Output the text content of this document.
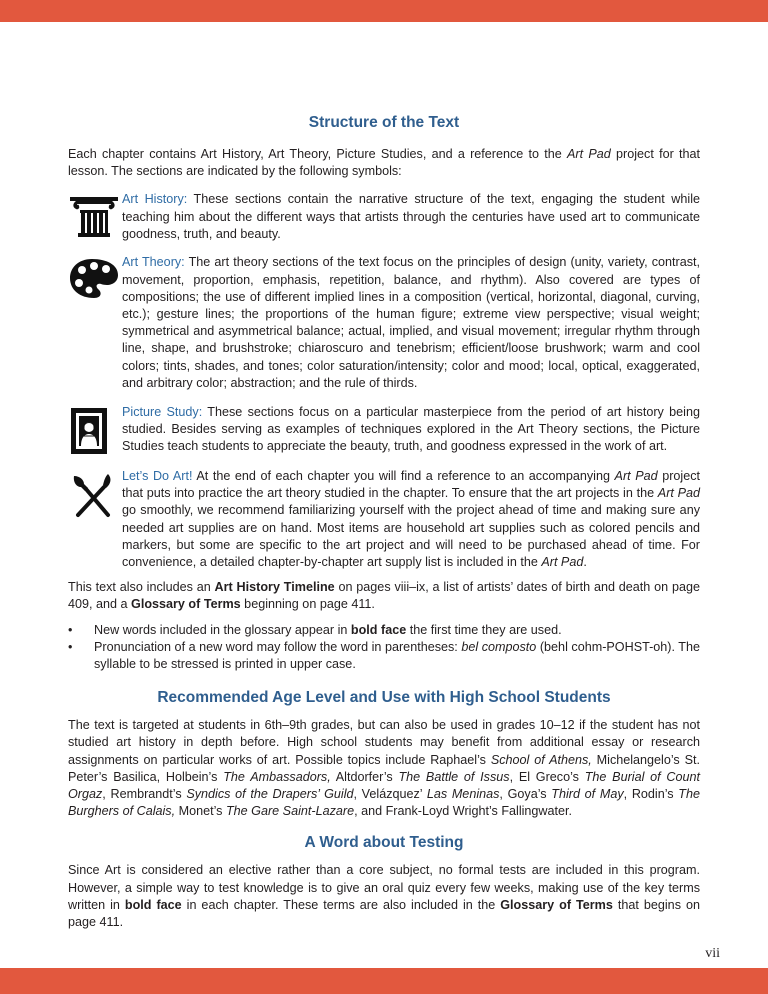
Structure of the Text

Each chapter contains Art History, Art Theory, Picture Studies, and a reference to the Art Pad project for that lesson. The sections are indicated by the following symbols:

Art History: These sections contain the narrative structure of the text, engaging the student while teaching him about the different ways that artists through the centuries have used art to communicate goodness, truth, and beauty.

Art Theory: The art theory sections of the text focus on the principles of design (unity, variety, contrast, movement, proportion, emphasis, repetition, balance, and rhythm). Also covered are types of compositions; the use of different implied lines in a composition (vertical, horizontal, diagonal, curving, etc.); gesture lines; the proportions of the human figure; extreme view perspective; visual weight; symmetrical and asymmetrical balance; actual, implied, and visual movement; irregular rhythm through line, shape, and brushstroke; chiaroscuro and tenebrism; efficient/loose brushwork; warm and cool colors; tints, shades, and tones; color saturation/intensity; color and mood; local, optical, exaggerated, and arbitrary color; abstraction; and the rule of thirds.

Picture Study: These sections focus on a particular masterpiece from the period of art history being studied. Besides serving as examples of techniques explored in the Art Theory sections, the Picture Studies teach students to appreciate the beauty, truth, and goodness expressed in the work of art.

Let’s Do Art! At the end of each chapter you will find a reference to an accompanying Art Pad project that puts into practice the art theory studied in the chapter. To ensure that the art projects in the Art Pad go smoothly, we recommend familiarizing yourself with the project ahead of time and making sure any needed art supplies are on hand. Most items are household art supplies such as colored pencils and markers, but some are specific to the art project and will need to be purchased ahead of time. For convenience, a detailed chapter-by-chapter art supply list is included in the Art Pad.

This text also includes an Art History Timeline on pages viii–ix, a list of artists’ dates of birth and death on page 409, and a Glossary of Terms beginning on page 411.

• New words included in the glossary appear in bold face the first time they are used.
• Pronunciation of a new word may follow the word in parentheses: bel composto (behl cohm-POHST-oh). The syllable to be stressed is printed in upper case.
Recommended Age Level and Use with High School Students

The text is targeted at students in 6th–9th grades, but can also be used in grades 10–12 if the student has not studied art history in depth before. High school students may benefit from additional essay or research assignments on particular works of art. Possible topics include Raphael’s School of Athens, Michelangelo’s St. Peter’s Basilica, Holbein’s The Ambassadors, Altdorfer’s The Battle of Issus, El Greco’s The Burial of Count Orgaz, Rembrandt’s Syndics of the Drapers’ Guild, Velázquez’ Las Meninas, Goya’s Third of May, Rodin’s The Burghers of Calais, Monet’s The Gare Saint-Lazare, and Frank-Loyd Wright’s Fallingwater.

A Word about Testing

Since Art is considered an elective rather than a core subject, no formal tests are included in this program. However, a simple way to test knowledge is to give an oral quiz every few weeks, making use of the key terms written in bold face in each chapter. These terms are also included in the Glossary of Terms that begins on page 411.

vii
